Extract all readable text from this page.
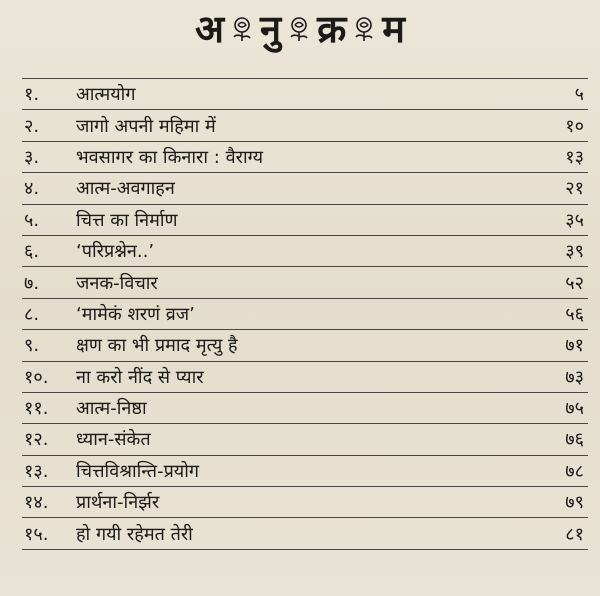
अ नु क्र म
१.	आत्मयोग	५
२.	जागो अपनी महिमा में	१०
३.	भवसागर का किनारा : वैराग्य	१३
४.	आत्म-अवगाहन	२१
५.	चित्त का निर्माण	३५
६.	‘परिप्रश्नेन..’	३९
७.	जनक-विचार	५२
८.	‘मामेकं शरणं व्रज’	५६
९.	क्षण का भी प्रमाद मृत्यु है	७१
१०.	ना करो नींद से प्यार	७३
११.	आत्म-निष्ठा	७५
१२.	ध्यान-संकेत	७६
१३.	चित्तविश्रान्ति-प्रयोग	७८
१४.	प्रार्थना-निर्झर	७९
१५.	हो गयी रहेमत तेरी	८१
